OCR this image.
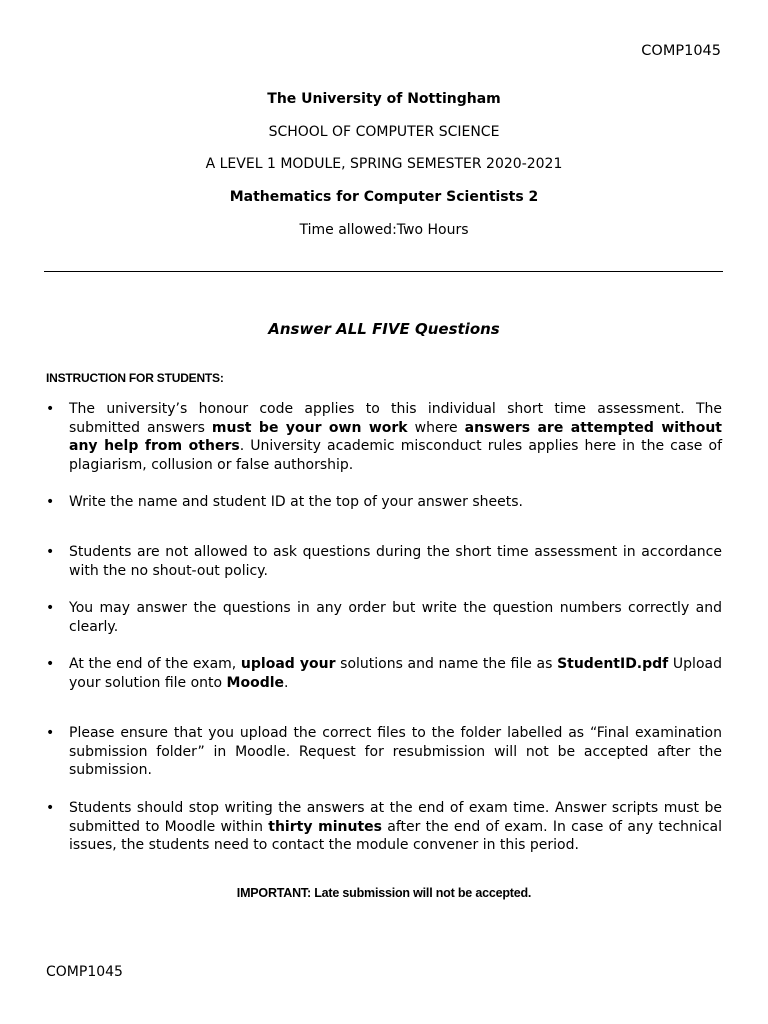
COMP1045
The University of Nottingham
SCHOOL OF COMPUTER SCIENCE
A LEVEL 1 MODULE, SPRING SEMESTER 2020-2021
Mathematics for Computer Scientists 2
Time allowed:Two Hours
Answer ALL FIVE Questions
INSTRUCTION FOR STUDENTS:
• The university’s honour code applies to this individual short time assessment. The submitted answers must be your own work where answers are attempted without any help from others. University academic misconduct rules applies here in the case of plagiarism, collusion or false authorship.
• Write the name and student ID at the top of your answer sheets.
• Students are not allowed to ask questions during the short time assessment in accordance with the no shout-out policy.
• You may answer the questions in any order but write the question numbers correctly and clearly.
• At the end of the exam, upload your solutions and name the file as StudentID.pdf Upload your solution file onto Moodle.
• Please ensure that you upload the correct files to the folder labelled as “Final examination submission folder” in Moodle. Request for resubmission will not be accepted after the submission.
• Students should stop writing the answers at the end of exam time. Answer scripts must be submitted to Moodle within thirty minutes after the end of exam. In case of any technical issues, the students need to contact the module convener in this period.
IMPORTANT: Late submission will not be accepted.
COMP1045
